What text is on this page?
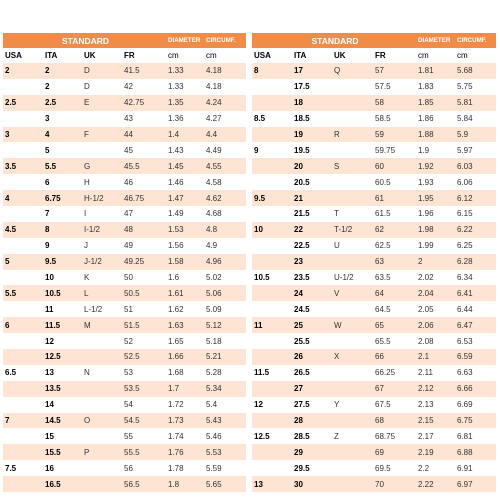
STANDARD				DIAMETER	CIRCUMF.
USA	ITA	UK	FR	cm	cm
2	2	D	41.5	1.33	4.18
	2	D	42	1.33	4.18
2.5	2.5	E	42.75	1.35	4.24
	3		43	1.36	4.27
3	4	F	44	1.4	4.4
	5		45	1.43	4.49
3.5	5.5	G	45.5	1.45	4.55
	6	H	46	1.46	4.58
4	6.75	H-1/2	46.75	1.47	4.62
	7	I	47	1.49	4.68
4.5	8	I-1/2	48	1.53	4.8
	9	J	49	1.56	4.9
5	9.5	J-1/2	49.25	1.58	4.96
	10	K	50	1.6	5.02
5.5	10.5	L	50.5	1.61	5.06
	11	L-1/2	51	1.62	5.09
6	11.5	M	51.5	1.63	5.12
	12		52	1.65	5.18
	12.5		52.5	1.66	5.21
6.5	13	N	53	1.68	5.28
	13.5		53.5	1.7	5.34
	14		54	1.72	5.4
7	14.5	O	54.5	1.73	5.43
	15		55	1.74	5.46
	15.5	P	55.5	1.76	5.53
7.5	16		56	1.78	5.59
	16.5		56.5	1.8	5.65
STANDARD				DIAMETER	CIRCUMF.
USA	ITA	UK	FR	cm	cm
8	17	Q	57	1.81	5.68
	17.5		57.5	1.83	5.75
	18		58	1.85	5.81
8.5	18.5		58.5	1.86	5.84
	19	R	59	1.88	5.9
9	19.5		59.75	1.9	5.97
	20	S	60	1.92	6.03
	20.5		60.5	1.93	6.06
9.5	21		61	1.95	6.12
	21.5	T	61.5	1.96	6.15
10	22	T-1/2	62	1.98	6.22
	22.5	U	62.5	1.99	6.25
	23		63	2	6.28
10.5	23.5	U-1/2	63.5	2.02	6.34
	24	V	64	2.04	6.41
	24.5		64.5	2.05	6.44
11	25	W	65	2.06	6.47
	25.5		65.5	2.08	6.53
	26	X	66	2.1	6.59
11.5	26.5		66.25	2.11	6.63
	27		67	2.12	6.66
12	27.5	Y	67.5	2.13	6.69
	28		68	2.15	6.75
12.5	28.5	Z	68.75	2.17	6.81
	29		69	2.19	6.88
	29.5		69.5	2.2	6.91
13	30		70	2.22	6.97
